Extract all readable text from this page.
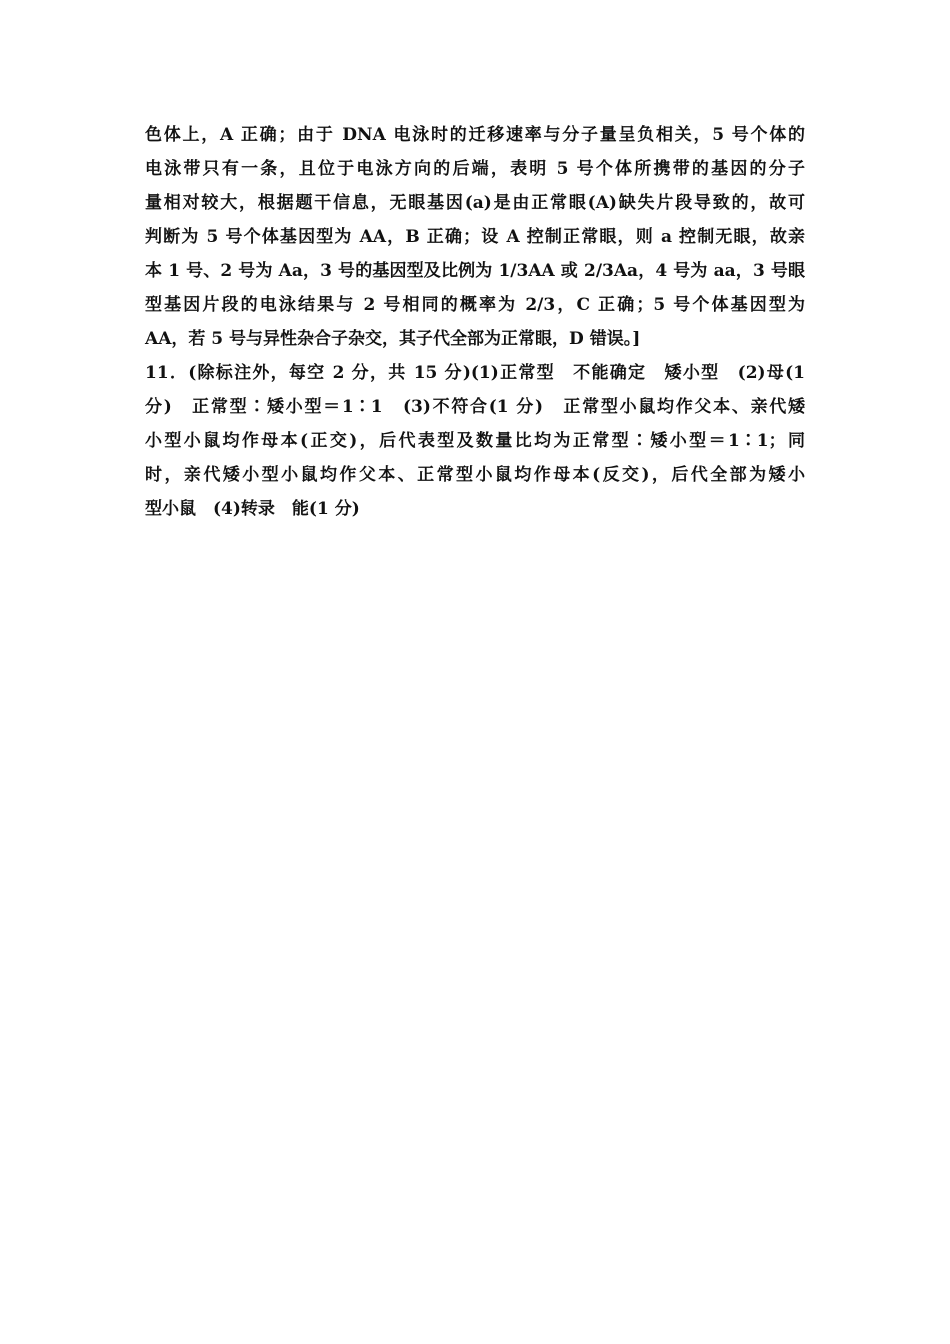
色体上，A 正确；由于 DNA 电泳时的迁移速率与分子量呈负相关，5 号个体的
电泳带只有一条，且位于电泳方向的后端，表明 5 号个体所携带的基因的分子
量相对较大，根据题干信息，无眼基因(a)是由正常眼(A)缺失片段导致的，故可
判断为 5 号个体基因型为 AA，B 正确；设 A 控制正常眼，则 a 控制无眼，故亲
本 1 号、2 号为 Aa，3 号的基因型及比例为 1/3AA 或 2/3Aa，4 号为 aa，3 号眼
型基因片段的电泳结果与 2 号相同的概率为 2/3，C 正确；5 号个体基因型为
AA，若 5 号与异性杂合子杂交，其子代全部为正常眼，D 错误。]
11．(除标注外，每空 2 分，共 15 分)(1)正常型　不能确定　矮小型　(2)母(1
分)　正常型∶矮小型＝1∶1　(3)不符合(1 分)　正常型小鼠均作父本、亲代矮
小型小鼠均作母本(正交)，后代表型及数量比均为正常型∶矮小型＝1∶1；同
时，亲代矮小型小鼠均作父本、正常型小鼠均作母本(反交)，后代全部为矮小
型小鼠　(4)转录　能(1 分)
